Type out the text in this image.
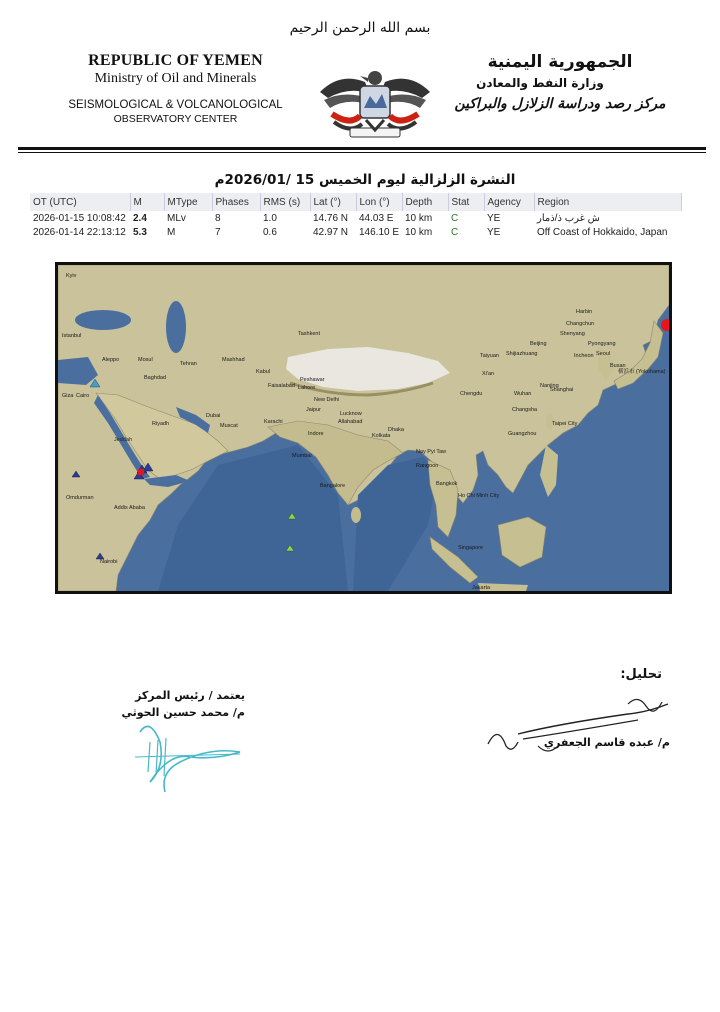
بسم الله الرحمن الرحيم
REPUBLIC OF YEMEN
Ministry of Oil and Minerals
SEISMOLOGICAL & VOLCANOLOGICAL
OBSERVATORY CENTER
الجمهورية اليمنية
وزارة النفط والمعادن
مركز رصد ودراسة الزلازل والبراكين
النشرة الزلزالية ليوم الخميس 15 /2026/01م
OT (UTC)	M	MType	Phases	RMS (s)	Lat (°)	Lon (°)	Depth	Stat	Agency	Region
2026-01-15 10:08:42	2.4	MLv	8	1.0	14.76 N	44.03 E	10 km	C	YE	ش غرب ذ/ذمار
2026-01-14 22:13:12	5.3	M	7	0.6	42.97 N	146.10 E	10 km	C	YE	Off Coast of Hokkaido, Japan
Kyiv
Istanbul
Aleppo	Mosul
Tehran
Baghdad
Giza Cairo
Riyadh
Jeddah
Dubai
Muscat
Omdurman
Addis Ababa
Nairobi
Mashhad
Tashkent
Kabul
Faisalabad
Peshawar
Lahore
Karachi
New Delhi
Jaipur
Lucknow
Allahabad
Indore
Mumbai
Bangalore
Kolkata
Dhaka
Nay Pyi Taw
Rangoon
Bangkok
Ho Chi Minh City
Singapore
Jakarta
Chengdu
Xi'an
Taiyuan Shijiazhuang
Beijing
Nanjing
Wuhan
Shanghai
Changsha
Guangzhou
Taipei City
Harbin
Changchun
Shenyang
Pyongyang
Incheon Seoul
Busan
横浜市 (Yokohama)
تحليل:
يعتمد / رئيس المركز
م/ محمد حسين الحوثي
م/ عبده قاسم الجعفري
